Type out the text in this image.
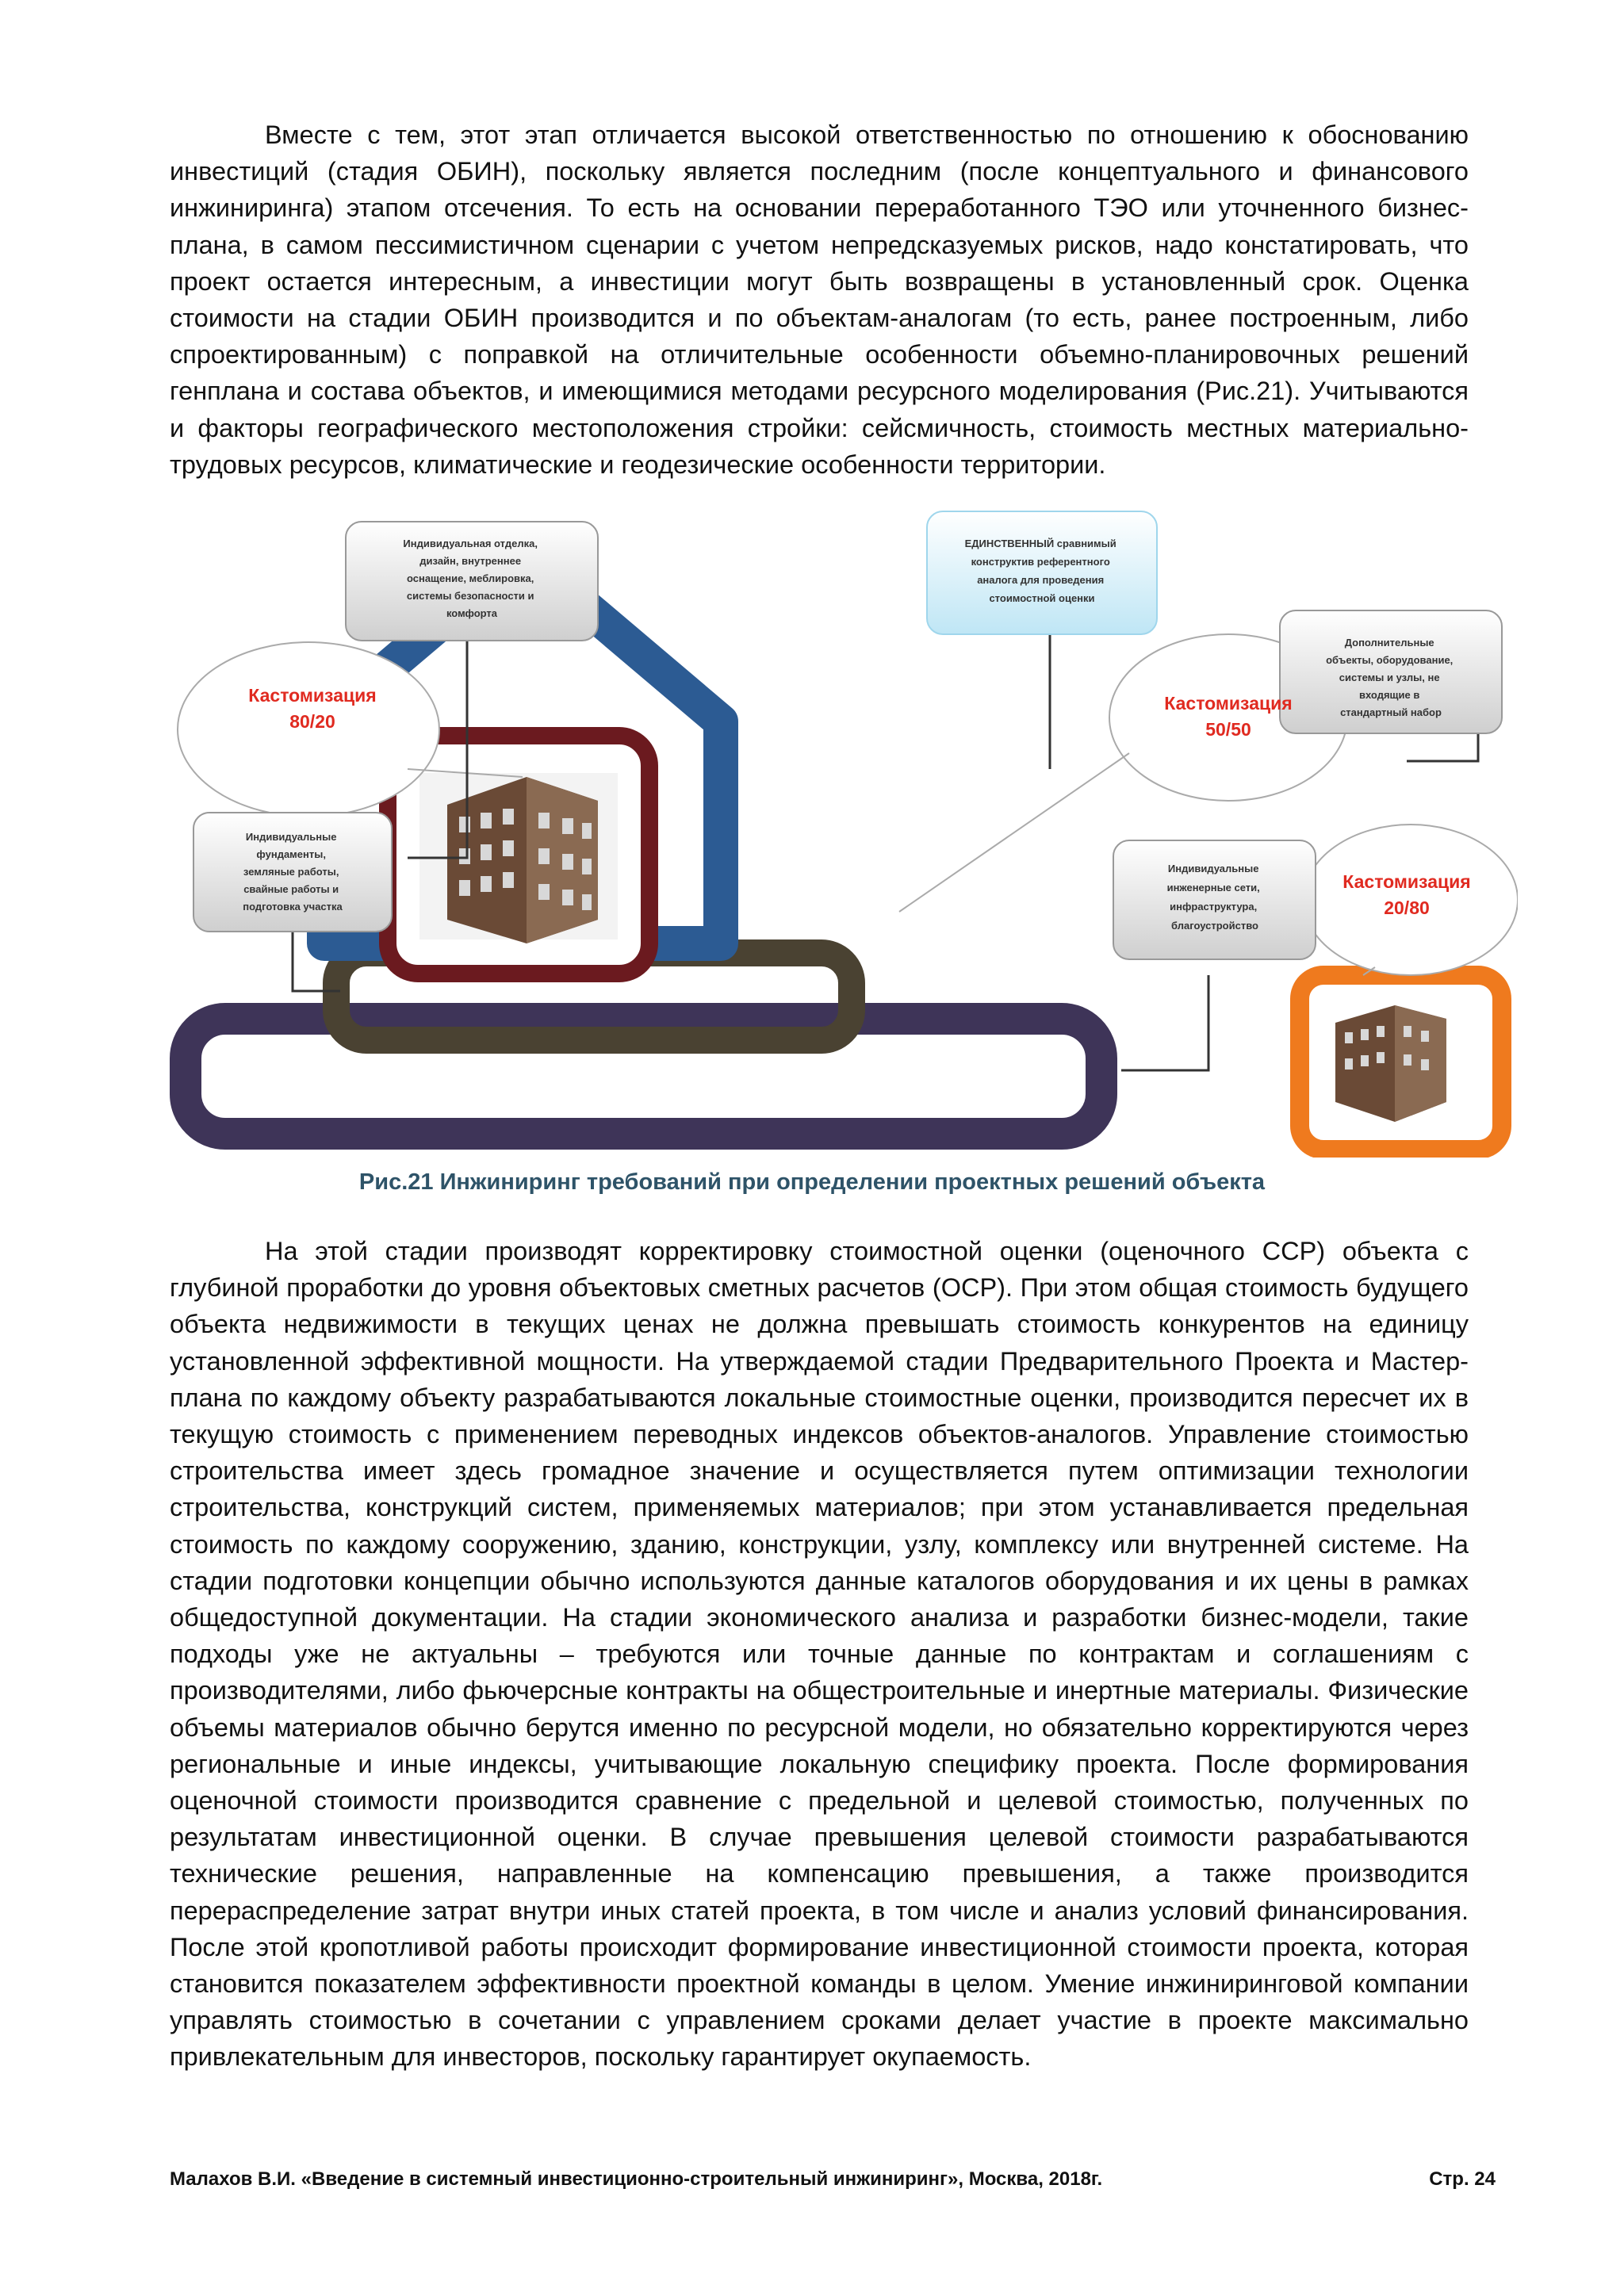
Вместе с тем, этот этап отличается высокой ответственностью по отношению к обоснованию инвестиций (стадия ОБИН), поскольку является последним (после концептуального и финансового инжиниринга) этапом отсечения. То есть на основании переработанного ТЭО или уточненного бизнес-плана, в самом пессимистичном сценарии с учетом непредсказуемых рисков, надо констатировать, что проект остается интересным, а инвестиции могут быть возвращены в установленный срок. Оценка стоимости на стадии ОБИН производится и по объектам-аналогам (то есть, ранее построенным, либо спроектированным) с поправкой на отличительные особенности объемно-планировочных решений генплана и состава объектов, и имеющимися методами ресурсного моделирования (Рис.21). Учитываются и факторы географического местоположения стройки: сейсмичность, стоимость местных материально-трудовых ресурсов, климатические и геодезические особенности территории.

Индивидуальная отделка, дизайн, внутреннее оснащение, меблировка, системы безопасности и комфорта
ЕДИНСТВЕННЫЙ сравнимый конструктив референтного аналога для проведения стоимостной оценки
Дополнительные объекты, оборудование, системы и узлы, не входящие в стандартный набор
Индивидуальные фундаменты, земляные работы, свайные работы и подготовка участка
Индивидуальные инженерные сети, инфраструктура, благоустройство
Кастомизация
80/20
Кастомизация
50/50
Кастомизация
20/80
Рис.21 Инжиниринг требований при определении проектных решений объекта

На этой стадии производят корректировку стоимостной оценки (оценочного ССР) объекта с глубиной проработки до уровня объектовых сметных расчетов (ОСР). При этом общая стоимость будущего объекта недвижимости в текущих ценах не должна превышать стоимость конкурентов на единицу установленной эффективной мощности. На утверждаемой стадии Предварительного Проекта и Мастер-плана по каждому объекту разрабатываются локальные стоимостные оценки, производится пересчет их в текущую стоимость с применением переводных индексов объектов-аналогов. Управление стоимостью строительства имеет здесь громадное значение и осуществляется путем оптимизации технологии строительства, конструкций систем, применяемых материалов; при этом устанавливается предельная стоимость по каждому сооружению, зданию, конструкции, узлу, комплексу или внутренней системе. На стадии подготовки концепции обычно используются данные каталогов оборудования и их цены в рамках общедоступной документации. На стадии экономического анализа и разработки бизнес-модели, такие подходы уже не актуальны – требуются или точные данные по контрактам и соглашениям с производителями, либо фьючерсные контракты на общестроительные и инертные материалы. Физические объемы материалов обычно берутся именно по ресурсной модели, но обязательно корректируются через региональные и иные индексы, учитывающие локальную специфику проекта. После формирования оценочной стоимости производится сравнение с предельной и целевой стоимостью, полученных по результатам инвестиционной оценки. В случае превышения целевой стоимости разрабатываются технические решения, направленные на компенсацию превышения, а также производится перераспределение затрат внутри иных статей проекта, в том числе и анализ условий финансирования. После этой кропотливой работы происходит формирование инвестиционной стоимости проекта, которая становится показателем эффективности проектной команды в целом. Умение инжиниринговой компании управлять стоимостью в сочетании с управлением сроками делает участие в проекте максимально привлекательным для инвесторов, поскольку гарантирует окупаемость.

Малахов В.И. «Введение в системный инвестиционно-строительный инжиниринг», Москва, 2018г.	Стр. 24
